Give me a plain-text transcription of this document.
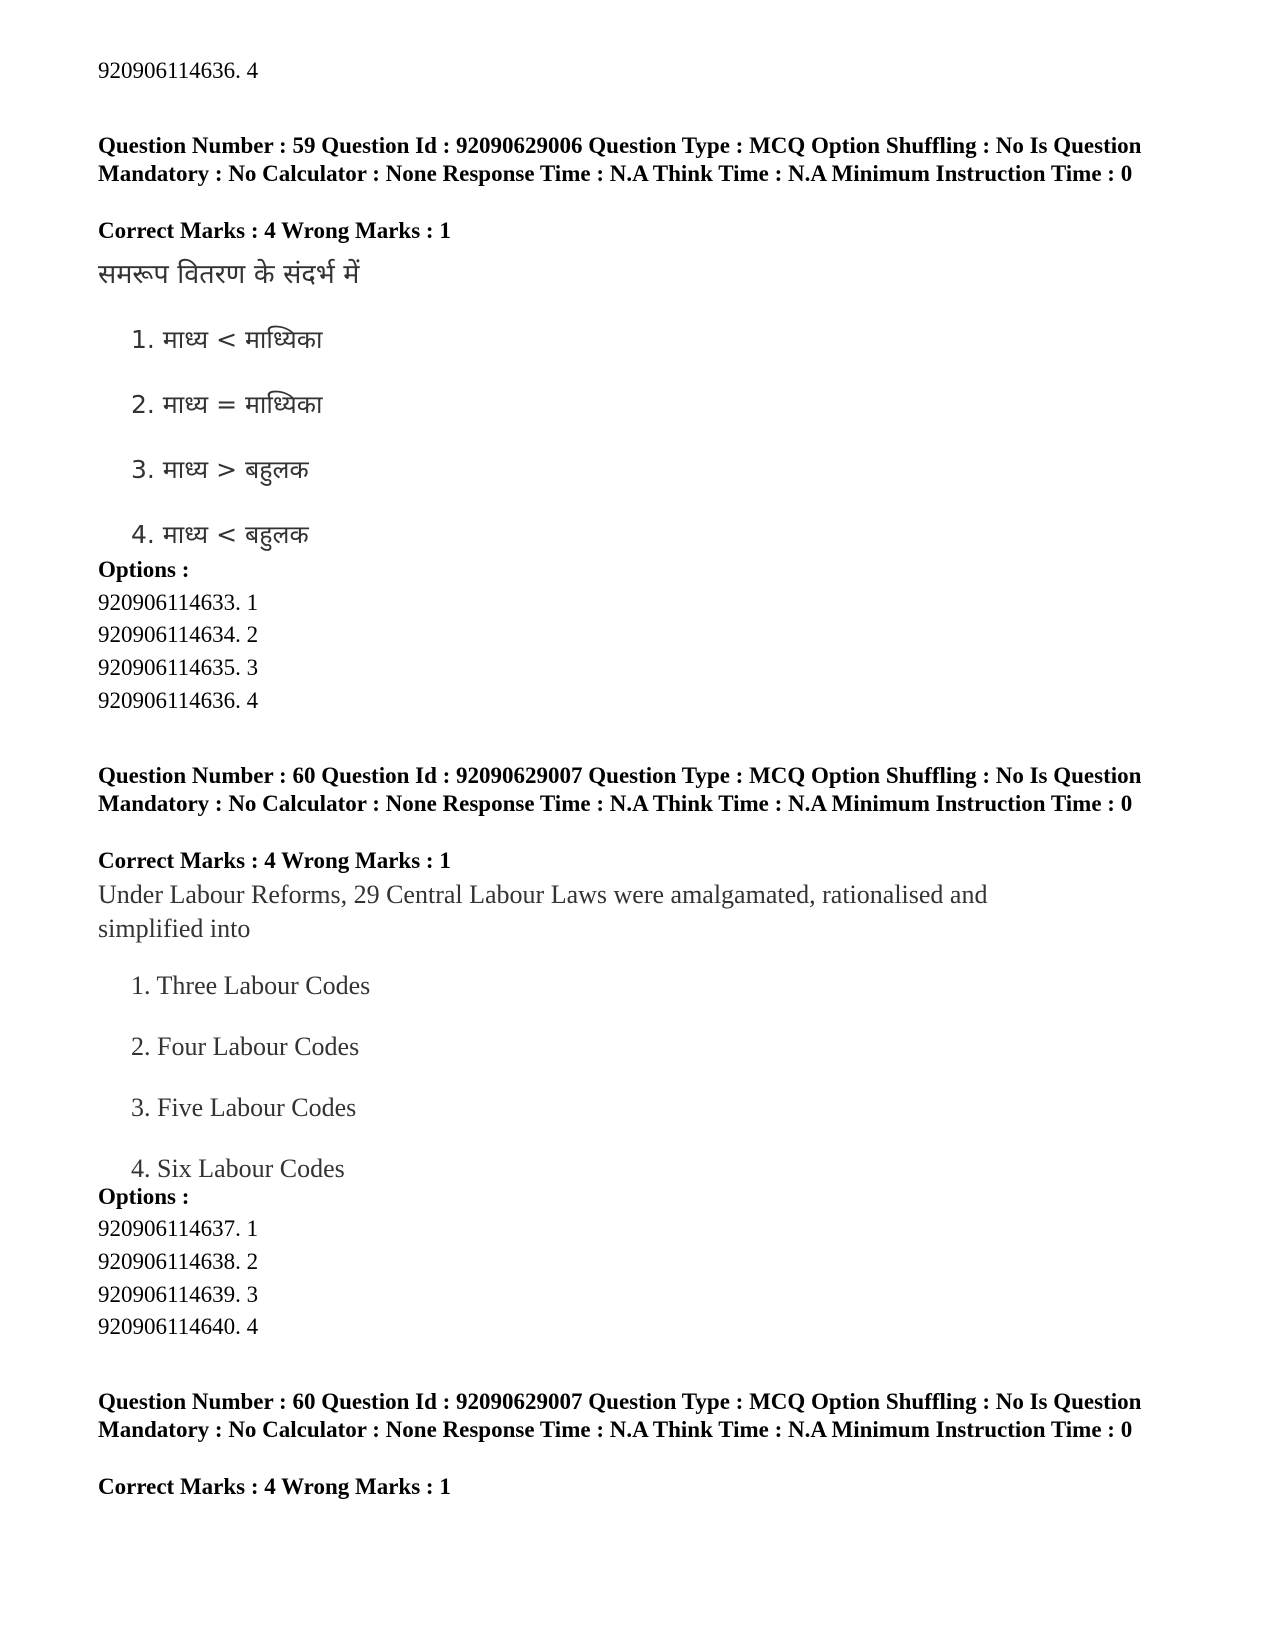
920906114636. 4
Question Number : 59 Question Id : 92090629006 Question Type : MCQ Option Shuffling : No Is Question Mandatory : No Calculator : None Response Time : N.A Think Time : N.A Minimum Instruction Time : 0
Correct Marks : 4 Wrong Marks : 1
समरूप वितरण के संदर्भ में
1. माध्य < माध्यिका
2. माध्य = माध्यिका
3. माध्य > बहुलक
4. माध्य < बहुलक
Options :
920906114633. 1
920906114634. 2
920906114635. 3
920906114636. 4
Question Number : 60 Question Id : 92090629007 Question Type : MCQ Option Shuffling : No Is Question Mandatory : No Calculator : None Response Time : N.A Think Time : N.A Minimum Instruction Time : 0
Correct Marks : 4 Wrong Marks : 1
Under Labour Reforms, 29 Central Labour Laws were amalgamated, rationalised and simplified into
1. Three Labour Codes
2. Four Labour Codes
3. Five Labour Codes
4. Six Labour Codes
Options :
920906114637. 1
920906114638. 2
920906114639. 3
920906114640. 4
Question Number : 60 Question Id : 92090629007 Question Type : MCQ Option Shuffling : No Is Question Mandatory : No Calculator : None Response Time : N.A Think Time : N.A Minimum Instruction Time : 0
Correct Marks : 4 Wrong Marks : 1
